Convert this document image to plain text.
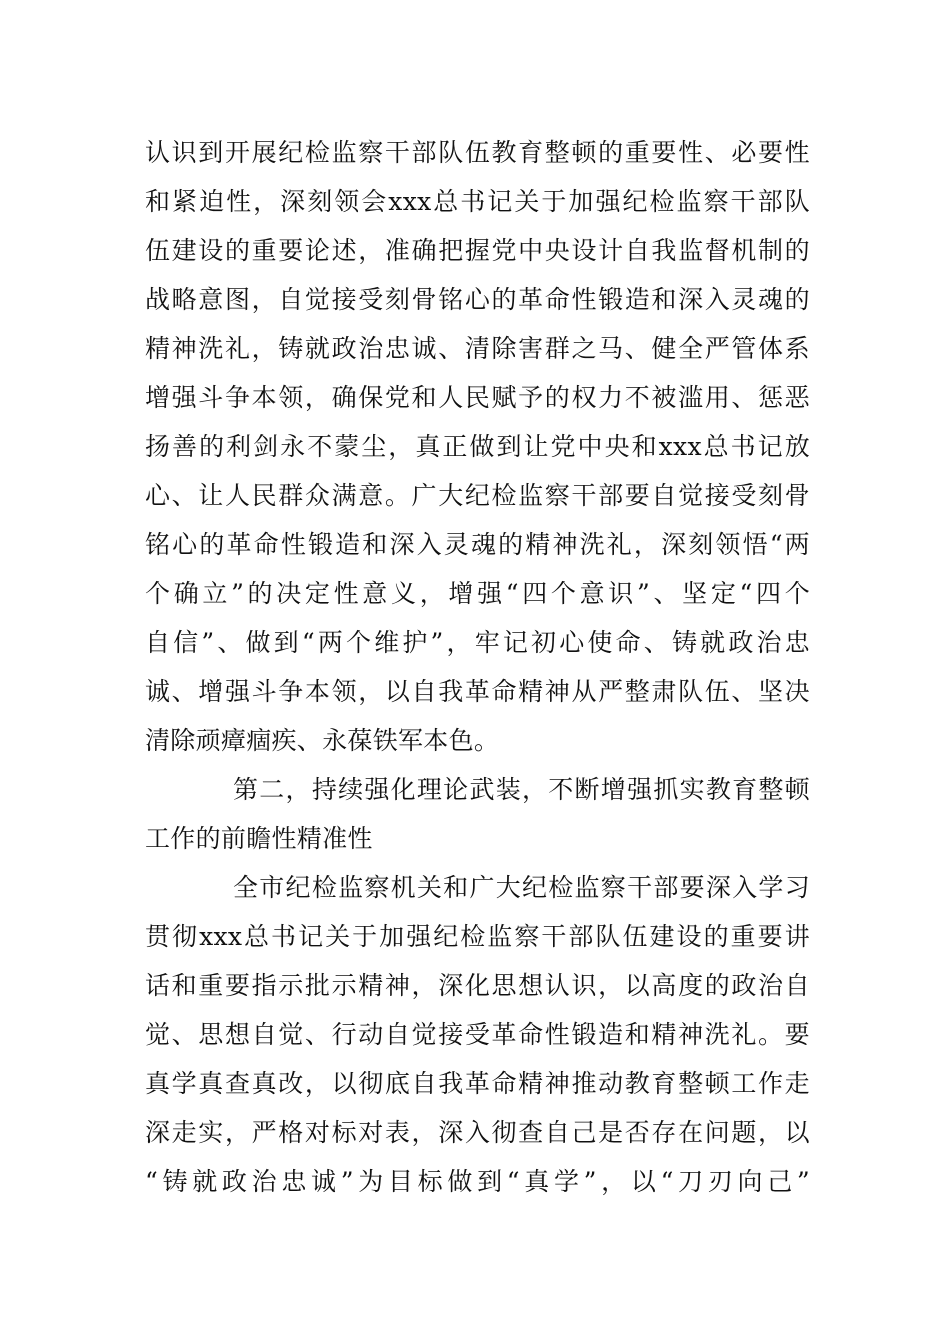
认识到开展纪检监察干部队伍教育整顿的重要性、必要性
和紧迫性，深刻领会xxx总书记关于加强纪检监察干部队
伍建设的重要论述，准确把握党中央设计自我监督机制的
战略意图，自觉接受刻骨铭心的革命性锻造和深入灵魂的
精神洗礼，铸就政治忠诚、清除害群之马、健全严管体系
增强斗争本领，确保党和人民赋予的权力不被滥用、惩恶
扬善的利剑永不蒙尘，真正做到让党中央和xxx总书记放
心、让人民群众满意。广大纪检监察干部要自觉接受刻骨
铭心的革命性锻造和深入灵魂的精神洗礼，深刻领悟“两
个确立”的决定性意义，增强“四个意识”、坚定“四个
自信”、做到“两个维护”，牢记初心使命、铸就政治忠
诚、增强斗争本领，以自我革命精神从严整肃队伍、坚决
清除顽瘴痼疾、永葆铁军本色。
第二，持续强化理论武装，不断增强抓实教育整顿
工作的前瞻性精准性
全市纪检监察机关和广大纪检监察干部要深入学习
贯彻xxx总书记关于加强纪检监察干部队伍建设的重要讲
话和重要指示批示精神，深化思想认识，以高度的政治自
觉、思想自觉、行动自觉接受革命性锻造和精神洗礼。要
真学真查真改，以彻底自我革命精神推动教育整顿工作走
深走实，严格对标对表，深入彻查自己是否存在问题，以
“铸就政治忠诚”为目标做到“真学”，以“刀刃向己”
